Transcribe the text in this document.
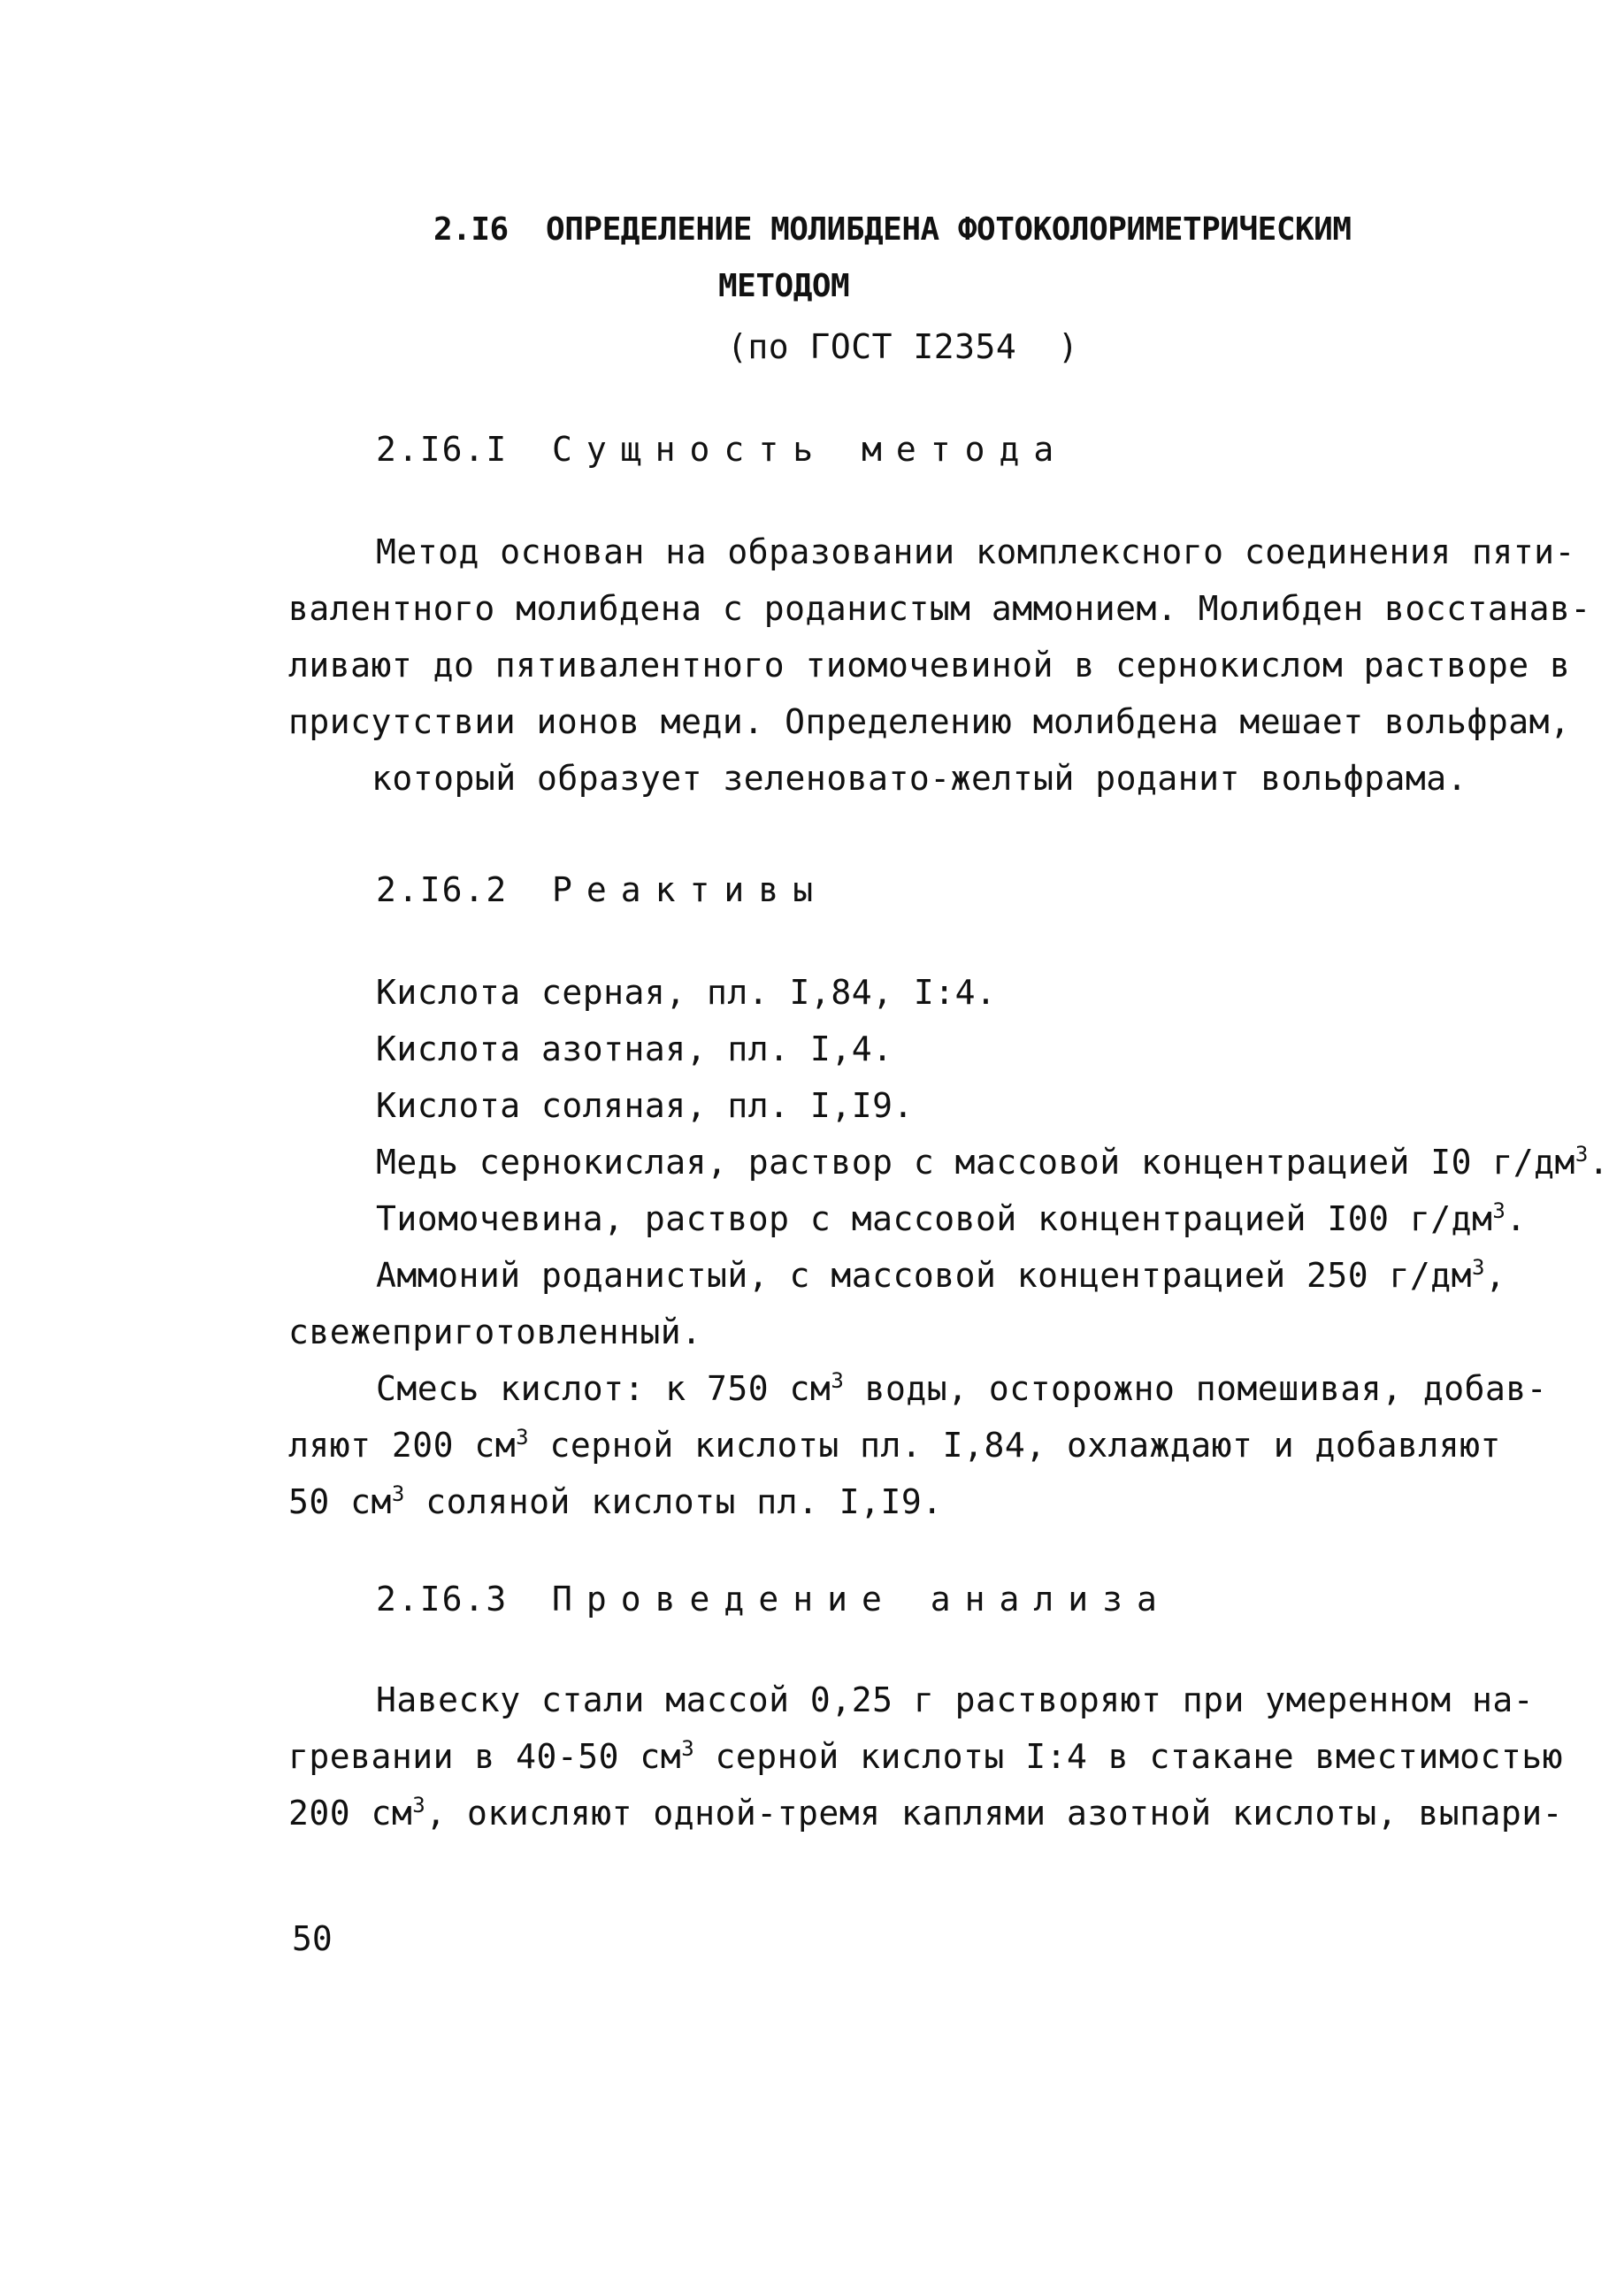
2.I6  ОПРЕДЕЛЕНИЕ МОЛИБДЕНА ФОТОКОЛОРИМЕТРИЧЕСКИМ
МЕТОДОМ
(по ГОСТ I2354  )
2.I6.I Сущность метода
Метод основан на образовании комплексного соединения пяти-
валентного молибдена с роданистым аммонием. Молибден восстанав-
ливают до пятивалентного тиомочевиной в сернокислом растворе в
присутствии ионов меди. Определению молибдена мешает вольфрам,
который образует зеленовато-желтый роданит вольфрама.
2.I6.2 Реактивы
Кислота серная, пл. I,84, I:4.
Кислота азотная, пл. I,4.
Кислота соляная, пл. I,I9.
Медь сернокислая, раствор с массовой концентрацией I0 $г/дм^3$.
Тиомочевина, раствор с массовой концентрацией I00 $г/дм^3$.
Аммоний роданистый, с массовой концентрацией 250 $г/дм^3$,
свежеприготовленный.
Смесь кислот: к 750 $см^3$ воды, осторожно помешивая, добав-
ляют 200 $см^3$ серной кислоты пл. I,84, охлаждают и добавляют
50 $см^3$ соляной кислоты пл. I,I9.
2.I6.3 Проведение анализа
Навеску стали массой 0,25 г растворяют при умеренном на-
гревании в 40-50 $см^3$ серной кислоты I:4 в стакане вместимостью
200 $см^3$, окисляют одной-тремя каплями азотной кислоты, выпари-
50
